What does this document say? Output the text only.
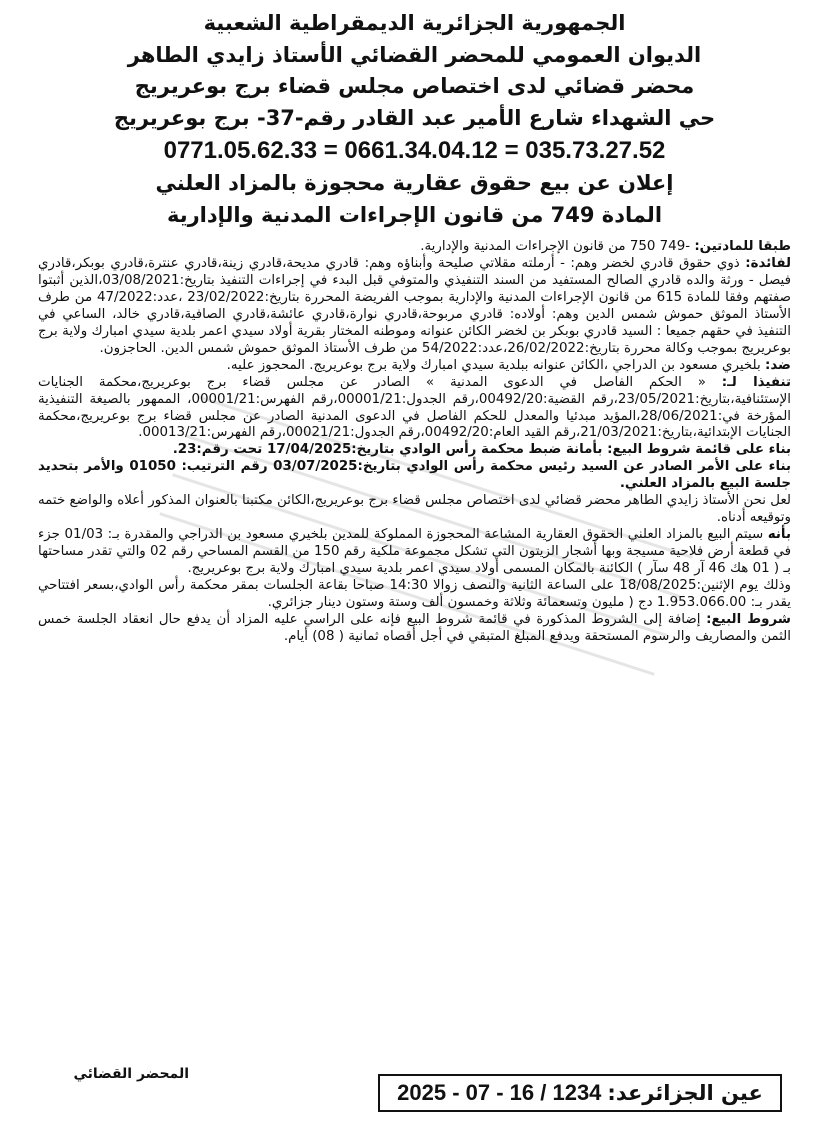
الجمهورية الجزائرية الديمقراطية الشعبية
الديوان العمومي للمحضر القضائي الأستاذ زايدي الطاهر
محضر قضائي لدى اختصاص مجلس قضاء برج بوعريريج
حي الشهداء شارع الأمير عبد القادر رقم-37- برج بوعريريج
0771.05.62.33 = 0661.34.04.12 = 035.73.27.52
إعلان عن بيع حقوق عقارية محجوزة بالمزاد العلني
المادة 749 من قانون الإجراءات المدنية والإدارية

طبقا للمادتين: -749 750 من قانون الإجراءات المدنية والإدارية.

لفائدة: ذوي حقوق قادري لخضر وهم: - أرملته مقلاتي صليحة وأبناؤه وهم: قادري مديحة،قادري زينة،قادري عنترة،قادري بوبكر،قادري فيصل - ورثة والده قادري الصالح المستفيد من السند التنفيذي والمتوفي قبل البدء في إجراءات التنفيذ بتاريخ:03/08/2021،الذين أثبتوا صفتهم وفقا للمادة 615 من قانون الإجراءات المدنية والإدارية بموجب الفريضة المحررة بتاريخ:23/02/2022 ،عدد:47/2022 من طرف الأستاذ الموثق حموش شمس الدين وهم: أولاده: قادري مربوحة،قادري نوارة،قادري عائشة،قادري الصافية،قادري خالد، الساعي في التنفيذ في حقهم جميعا : السيد قادري بوبكر بن لخضر الكائن عنوانه وموطنه المختار بقرية أولاد سيدي اعمر بلدية سيدي امبارك ولاية برج بوعريريج بموجب وكالة محررة بتاريخ:26/02/2022،عدد:54/2022 من طرف الأستاذ الموثق حموش شمس الدين. الحاجزون.

ضد: بلخيري مسعود بن الدراجي ،الكائن عنوانه ببلدية سيدي امبارك ولاية برج بوعريريج. المحجوز عليه.

تنفيذا لـ: « الحكم الفاصل في الدعوى المدنية » الصادر عن مجلس قضاء برج بوعريريج،محكمة الجنايات الإستئنافية،بتاريخ:23/05/2021،رقم القضية:00492/20،رقم الجدول:00001/21،رقم الفهرس:00001/21، الممهور بالصيغة التنفيذية المؤرخة في:28/06/2021،المؤيد مبدئيا والمعدل للحكم الفاصل في الدعوى المدنية الصادر عن مجلس قضاء برج بوعريريج،محكمة الجنايات الإبتدائية،بتاريخ:21/03/2021،رقم القيد العام:00492/20،رقم الجدول:00021/21،رقم الفهرس:00013/21.

بناء على قائمة شروط البيع: بأمانة ضبط محكمة رأس الوادي بتاريخ:17/04/2025 تحت رقم:23.

بناء على الأمر الصادر عن السيد رئيس محكمة رأس الوادي بتاريخ:03/07/2025 رقم الترتيب: 01050 والأمر بتحديد جلسة البيع بالمزاد العلني.

لعل نحن الأستاذ زايدي الطاهر محضر قضائي لدى اختصاص مجلس قضاء برج بوعريريج،الكائن مكتبنا بالعنوان المذكور أعلاه والواضع ختمه وتوقيعه أدناه.

بأنه سيتم البيع بالمزاد العلني الحقوق العقارية المشاعة المحجوزة المملوكة للمدين بلخيري مسعود بن الدراجي والمقدرة بـ: 01/03 جزء في قطعة أرض فلاحية مسيجة وبها أشجار الزيتون التي تشكل مجموعة ملكية رقم 150 من القسم المساحي رقم 02 والتي تقدر مساحتها بـ ( 01 هك 46 آر 48 سآر ) الكائنة بالمكان المسمى أولاد سيدي اعمر بلدية سيدي امبارك ولاية برج بوعريريج.

وذلك يوم الإثنين:18/08/2025 على الساعة الثانية والنصف زوالا 14:30 صباحا بقاعة الجلسات بمقر محكمة رأس الوادي،بسعر افتتاحي يقدر بـ: 1.953.066.00 دج ( مليون وتسعمائة وثلاثة وخمسون ألف وستة وستون دينار جزائري.

شروط البيع: إضافة إلى الشروط المذكورة في قائمة شروط البيع فإنه على الراسي عليه المزاد أن يدفع حال انعقاد الجلسة خمس الثمن والمصاريف والرسوم المستحقة ويدفع المبلغ المتبقي في أجل أقصاه ثمانية ( 08) أيام.

المحضر القضائي
عين الجزائرعد:
2025 - 07 - 16 / 1234
